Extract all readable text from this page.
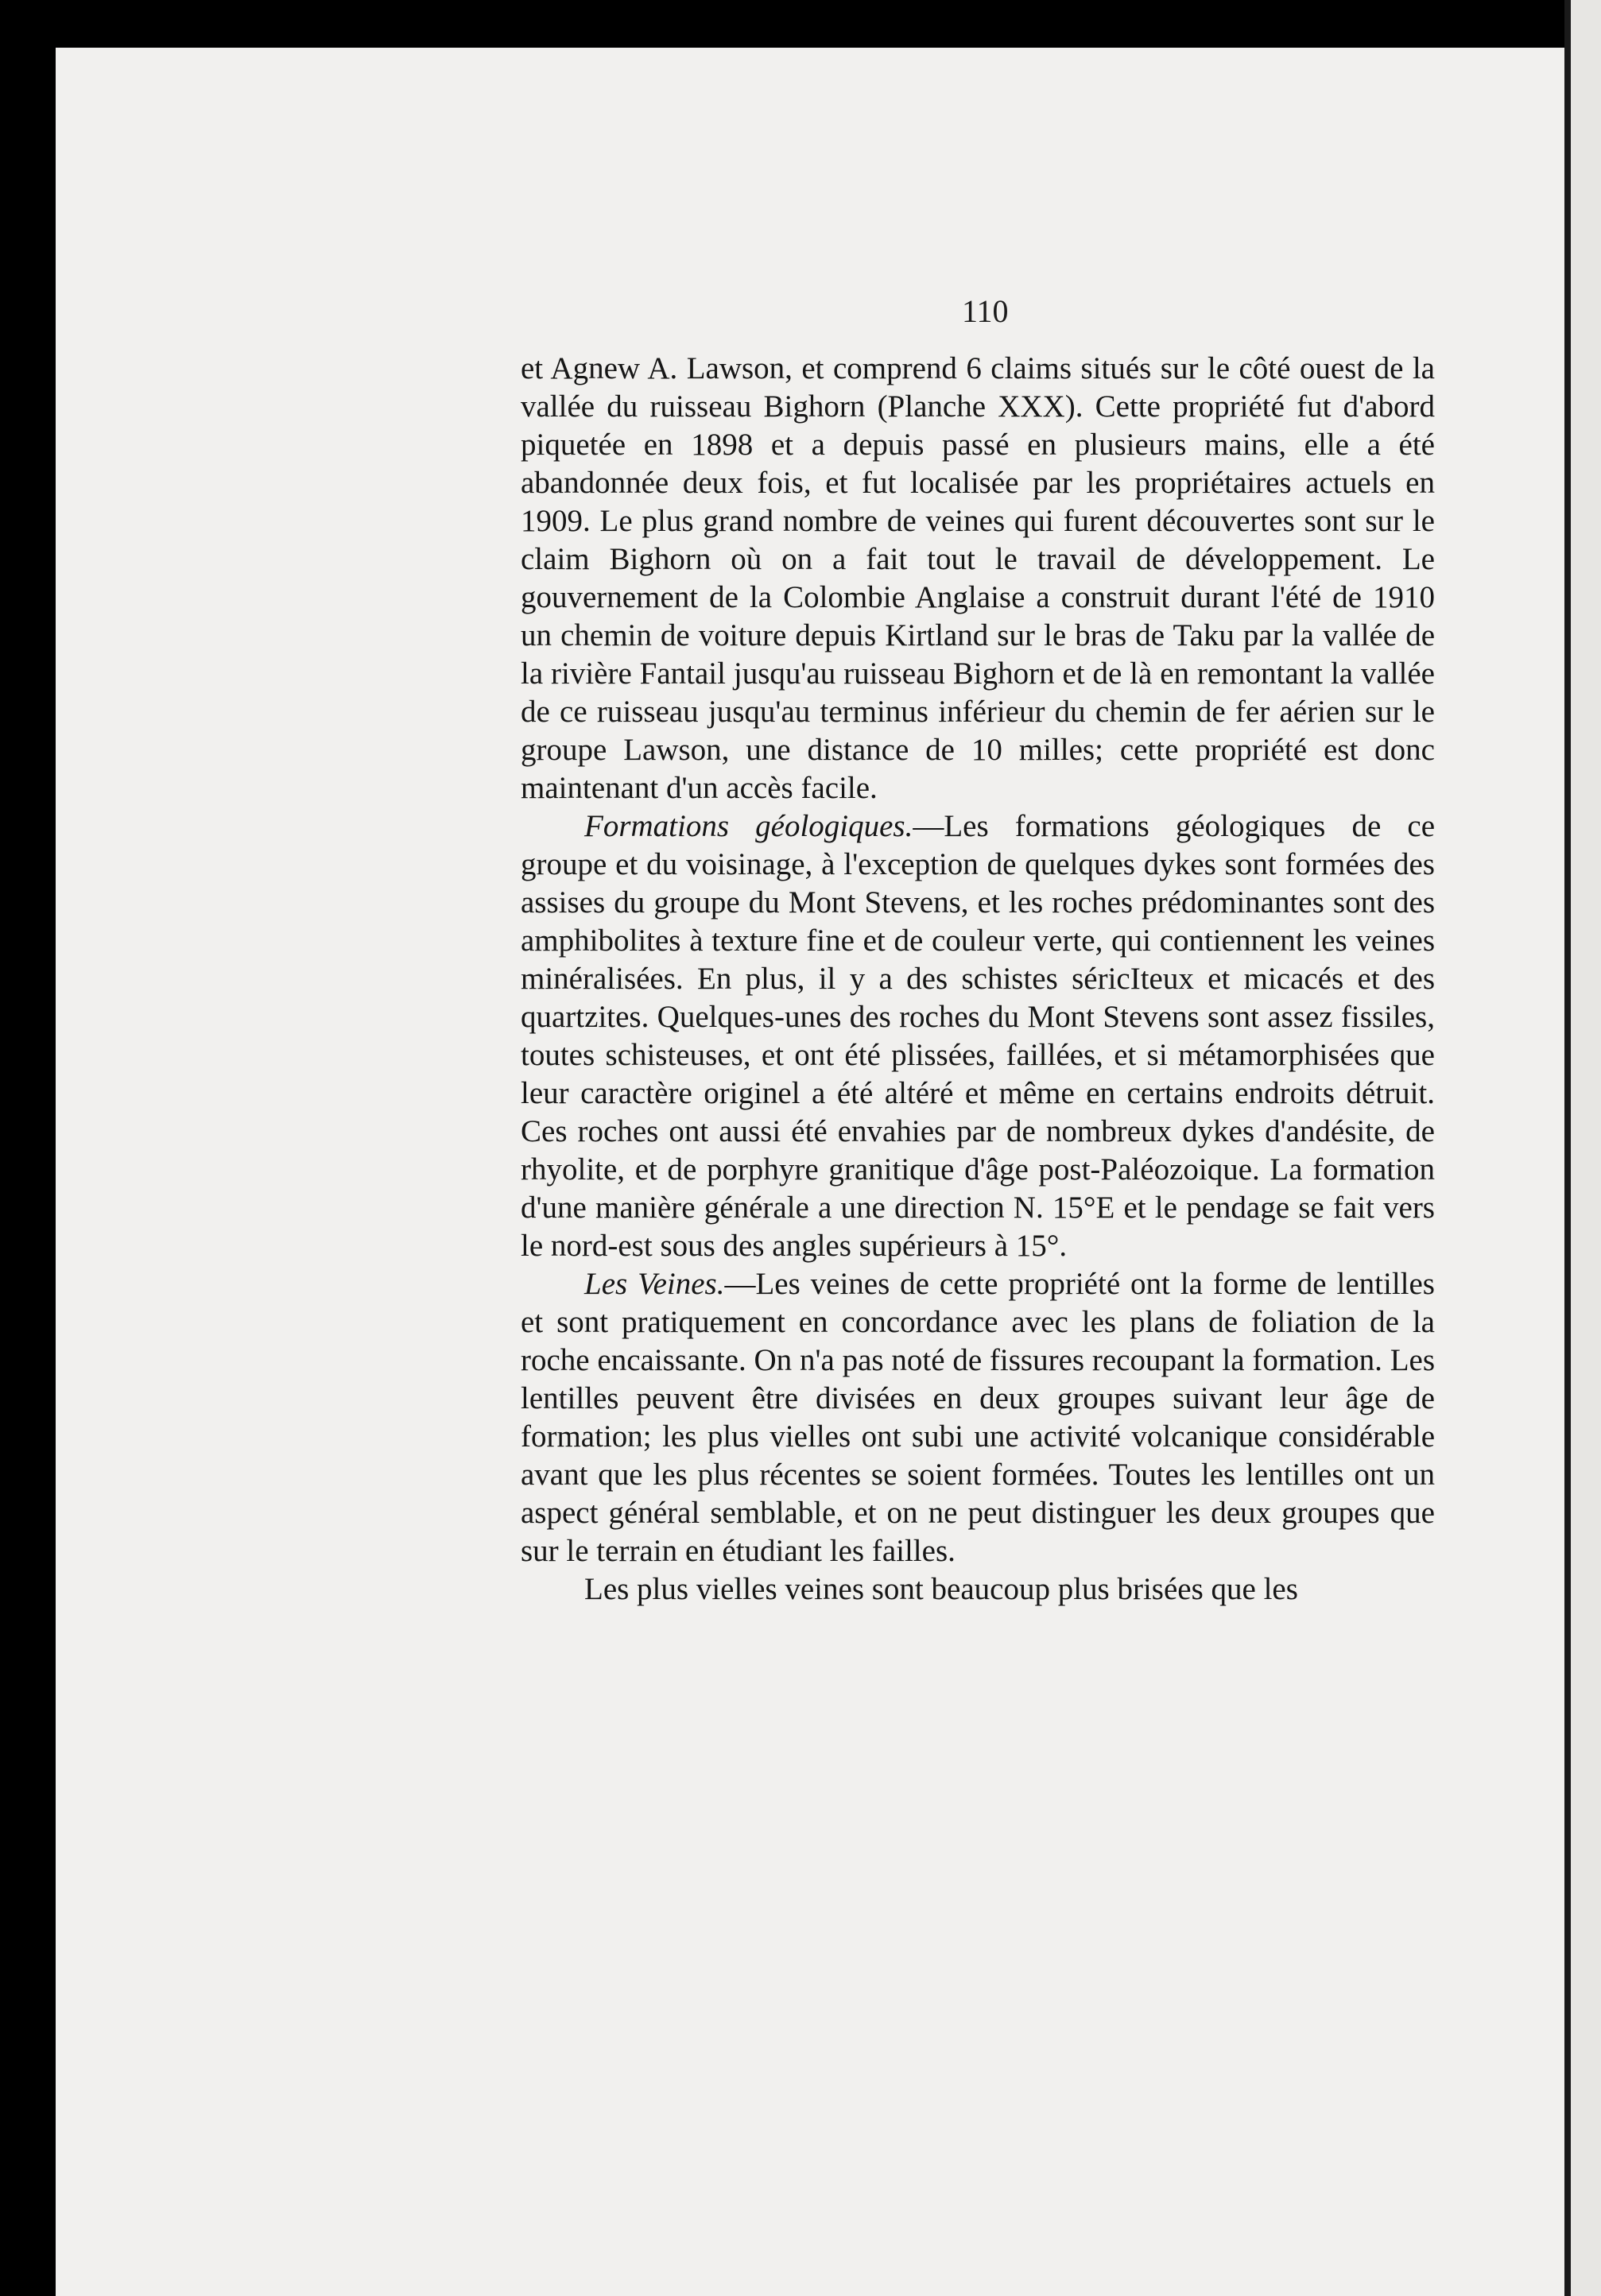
110

et Agnew A. Lawson, et comprend 6 claims situés sur le côté ouest de la vallée du ruisseau Bighorn (Planche XXX). Cette propriété fut d'abord piquetée en 1898 et a depuis passé en plusieurs mains, elle a été abandonnée deux fois, et fut localisée par les propriétaires actuels en 1909. Le plus grand nombre de veines qui furent découvertes sont sur le claim Bighorn où on a fait tout le travail de développement. Le gouvernement de la Colombie Anglaise a construit durant l'été de 1910 un chemin de voiture depuis Kirtland sur le bras de Taku par la vallée de la rivière Fantail jusqu'au ruisseau Bighorn et de là en remontant la vallée de ce ruisseau jusqu'au terminus inférieur du chemin de fer aérien sur le groupe Lawson, une distance de 10 milles; cette propriété est donc maintenant d'un accès facile.

Formations géologiques.—Les formations géologiques de ce groupe et du voisinage, à l'exception de quelques dykes sont formées des assises du groupe du Mont Stevens, et les roches prédominantes sont des amphibolites à texture fine et de couleur verte, qui contiennent les veines minéralisées. En plus, il y a des schistes séricIteux et micacés et des quartzites. Quelques-unes des roches du Mont Stevens sont assez fissiles, toutes schisteuses, et ont été plissées, faillées, et si métamorphisées que leur caractère originel a été altéré et même en certains endroits détruit. Ces roches ont aussi été envahies par de nombreux dykes d'andésite, de rhyolite, et de porphyre granitique d'âge post-Paléozoique. La formation d'une manière générale a une direction N. 15°E et le pendage se fait vers le nord-est sous des angles supérieurs à 15°.

Les Veines.—Les veines de cette propriété ont la forme de lentilles et sont pratiquement en concordance avec les plans de foliation de la roche encaissante. On n'a pas noté de fissures recoupant la formation. Les lentilles peuvent être divisées en deux groupes suivant leur âge de formation; les plus vielles ont subi une activité volcanique considérable avant que les plus récentes se soient formées. Toutes les lentilles ont un aspect général semblable, et on ne peut distinguer les deux groupes que sur le terrain en étudiant les failles.

Les plus vielles veines sont beaucoup plus brisées que les
